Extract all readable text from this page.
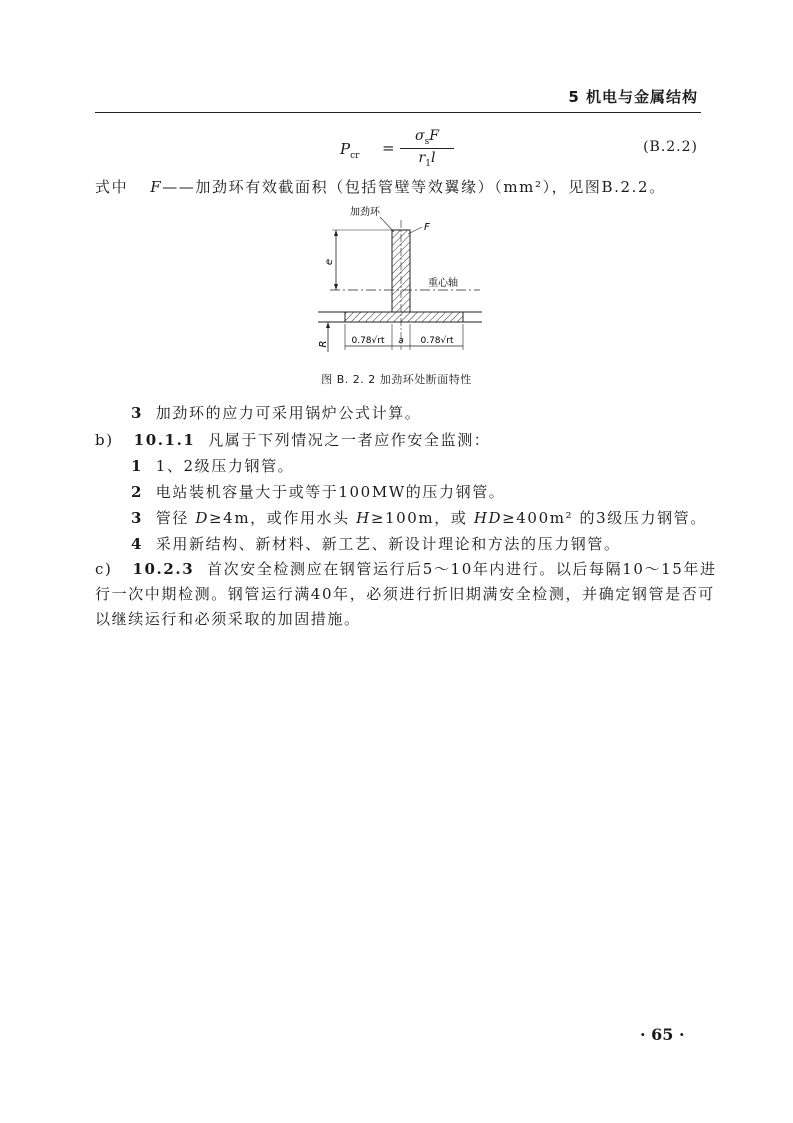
5 机电与金属结构
$P_{cr}$ =
$\sigma_sF$
$r_1l$
(B.2.2)
式中 F——加劲环有效截面积（包括管壁等效翼缘）（mm²），见图B.2.2。
e
R 0.78√rt a 0.78√rt
加劲环
F
重心轴
图 B. 2. 2 加劲环处断面特性
3 加劲环的应力可采用锅炉公式计算。
b) 10.1.1 凡属于下列情况之一者应作安全监测：
1 1、2级压力钢管。
2 电站装机容量大于或等于100MW的压力钢管。
3 管径 D≥4m，或作用水头 H≥100m，或 HD≥400m² 的3级压力钢管。
4 采用新结构、新材料、新工艺、新设计理论和方法的压力钢管。
c) 10.2.3 首次安全检测应在钢管运行后5～10年内进行。以后每隔10～15年进
行一次中期检测。钢管运行满40年，必须进行折旧期满安全检测，并确定钢管是否可
以继续运行和必须采取的加固措施。
· 65 ·
